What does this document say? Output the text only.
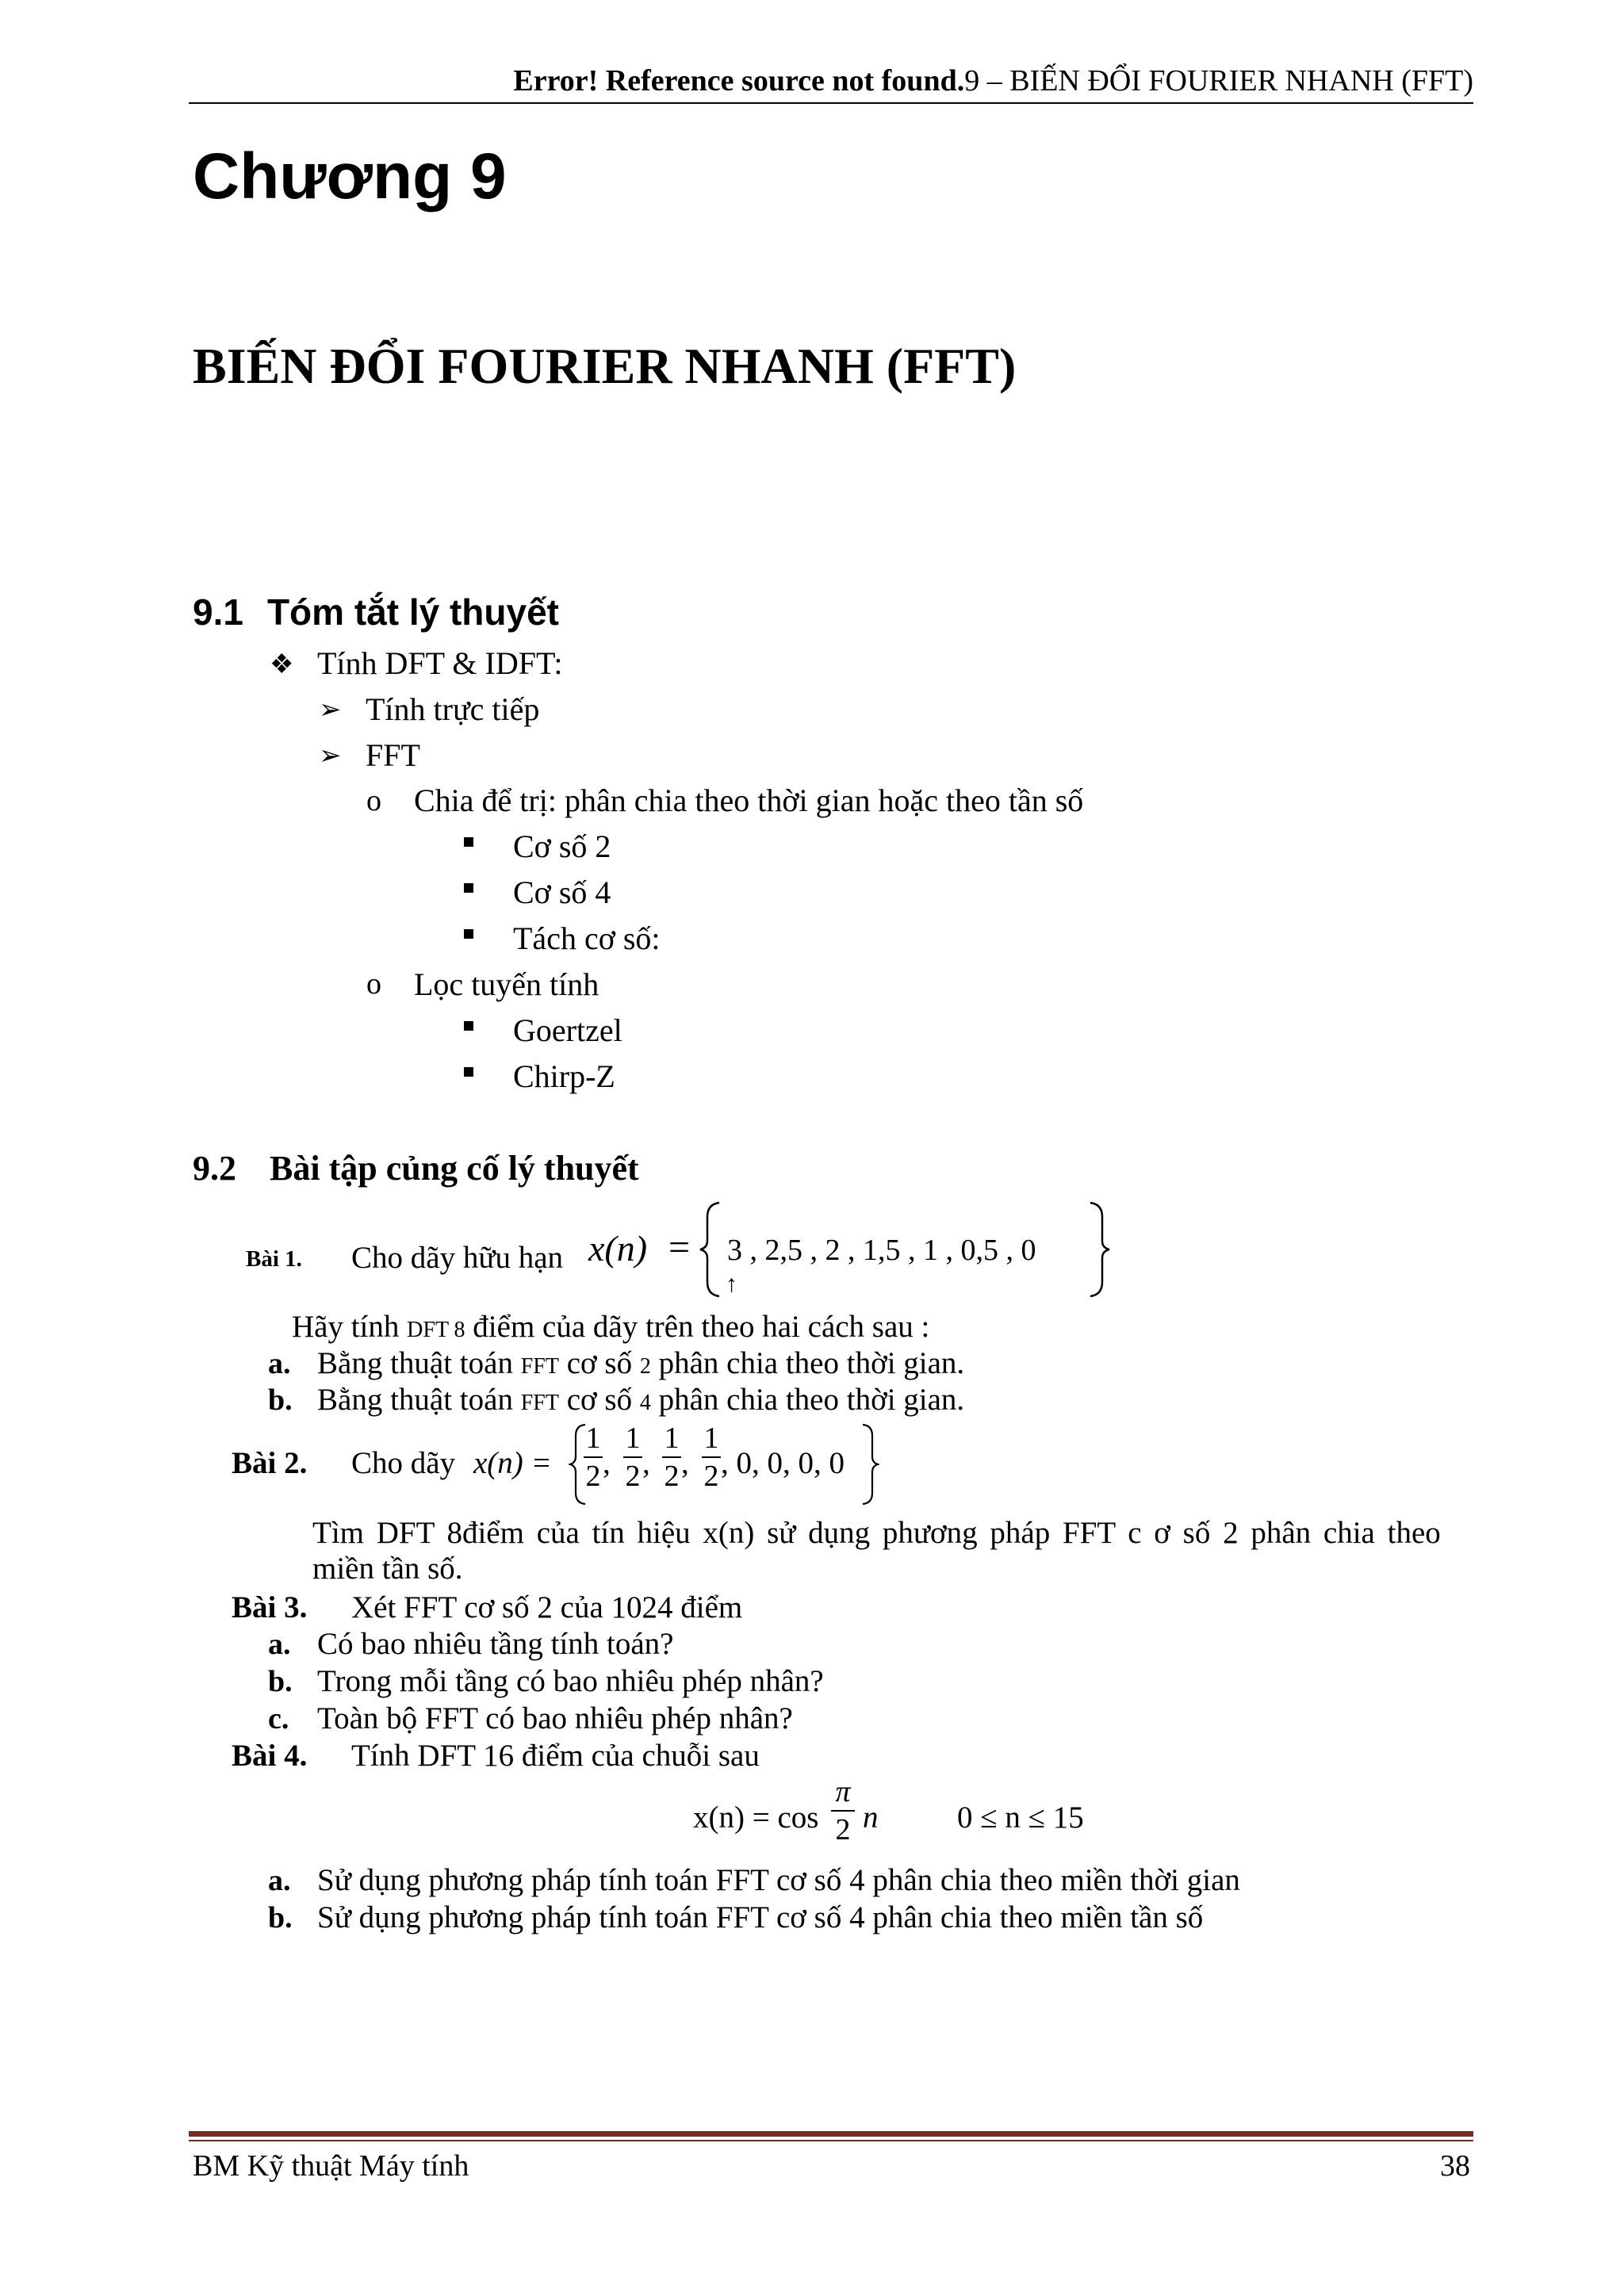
Error! Reference source not found.9 – BIẾN ĐỔI FOURIER NHANH (FFT)
Chương 9
BIẾN ĐỔI FOURIER NHANH (FFT)
9.1 Tóm tắt lý thuyết
❖ Tính DFT & IDFT:
➢ Tính trực tiếp
➢ FFT
o Chia để trị: phân chia theo thời gian hoặc theo tần số
Cơ số 2
Cơ số 4
Tách cơ số:
o Lọc tuyến tính
Goertzel
Chirp-Z
9.2 Bài tập củng cố lý thuyết
Bài 1. Cho dãy hữu hạn x(n) = 3 , 2,5 , 2 , 1,5 , 1 , 0,5 , 0
↑
Hãy tính DFT 8 điểm của dãy trên theo hai cách sau :
a. Bằng thuật toán FFT cơ số 2 phân chia theo thời gian.
b. Bằng thuật toán FFT cơ số 4 phân chia theo thời gian.
Bài 2. Cho dãy x(n) =
1
2 ,
1
2 ,
1
2 ,
1
2 , 0, 0, 0, 0
Tìm DFT 8điểm của tín hiệu x(n) sử dụng phương pháp FFT c ơ số 2 phân chia theo
miền tần số.
Bài 3. Xét FFT cơ số 2 của 1024 điểm
a. Có bao nhiêu tầng tính toán?
b. Trong mỗi tầng có bao nhiêu phép nhân?
c. Toàn bộ FFT có bao nhiêu phép nhân?
Bài 4. Tính DFT 16 điểm của chuỗi sau
x(n) = cos
π
2 n	0 ≤ n ≤ 15
a. Sử dụng phương pháp tính toán FFT cơ số 4 phân chia theo miền thời gian
b. Sử dụng phương pháp tính toán FFT cơ số 4 phân chia theo miền tần số
BM Kỹ thuật Máy tính	38
